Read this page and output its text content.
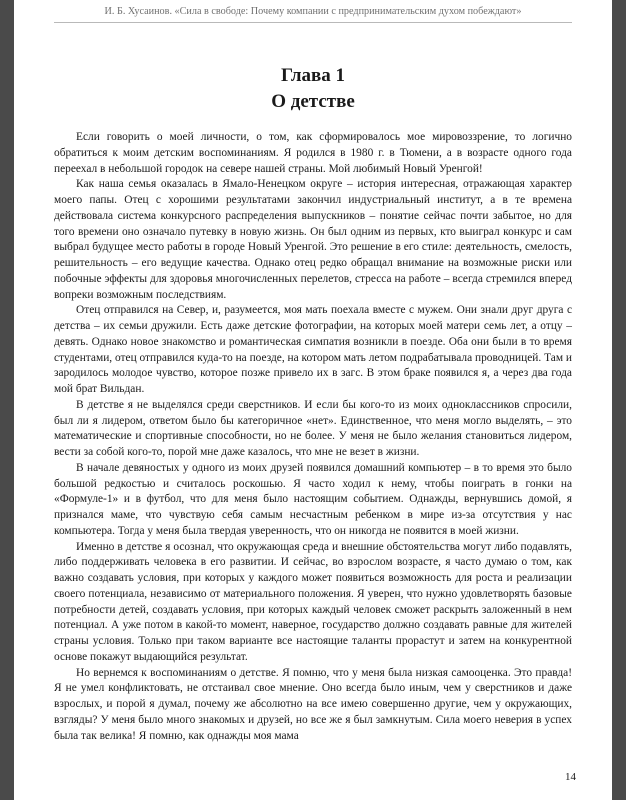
И. Б. Хусаинов. «Сила в свободе: Почему компании с предпринимательским духом побеждают»
Глава 1
О детстве

Если говорить о моей личности, о том, как сформировалось мое мировоззрение, то логично обратиться к моим детским воспоминаниям. Я родился в 1980 г. в Тюмени, а в возрасте одного года переехал в небольшой городок на севере нашей страны. Мой любимый Новый Уренгой!

Как наша семья оказалась в Ямало-Ненецком округе – история интересная, отражающая характер моего папы. Отец с хорошими результатами закончил индустриальный институт, а в те времена действовала система конкурсного распределения выпускников – понятие сейчас почти забытое, но для того времени оно означало путевку в новую жизнь. Он был одним из первых, кто выиграл конкурс и сам выбрал будущее место работы в городе Новый Уренгой. Это решение в его стиле: деятельность, смелость, решительность – его ведущие качества. Однако отец редко обращал внимание на возможные риски или побочные эффекты для здоровья многочисленных перелетов, стресса на работе – всегда стремился вперед вопреки возможным последствиям.

Отец отправился на Север, и, разумеется, моя мать поехала вместе с мужем. Они знали друг друга с детства – их семьи дружили. Есть даже детские фотографии, на которых моей матери семь лет, а отцу – девять. Однако новое знакомство и романтическая симпатия возникли в поезде. Оба они были в то время студентами, отец отправился куда-то на поезде, на котором мать летом подрабатывала проводницей. Там и зародилось молодое чувство, которое позже привело их в загс. В этом браке появился я, а через два года мой брат Вильдан.

В детстве я не выделялся среди сверстников. И если бы кого-то из моих одноклассников спросили, был ли я лидером, ответом было бы категоричное «нет». Единственное, что меня могло выделять, – это математические и спортивные способности, но не более. У меня не было желания становиться лидером, вести за собой кого-то, порой мне даже казалось, что мне не везет в жизни.

В начале девяностых у одного из моих друзей появился домашний компьютер – в то время это было большой редкостью и считалось роскошью. Я часто ходил к нему, чтобы поиграть в гонки на «Формуле-1» и в футбол, что для меня было настоящим событием. Однажды, вернувшись домой, я признался маме, что чувствую себя самым несчастным ребенком в мире из-за отсутствия у нас компьютера. Тогда у меня была твердая уверенность, что он никогда не появится в моей жизни.

Именно в детстве я осознал, что окружающая среда и внешние обстоятельства могут либо подавлять, либо поддерживать человека в его развитии. И сейчас, во взрослом возрасте, я часто думаю о том, как важно создавать условия, при которых у каждого может появиться возможность для роста и реализации своего потенциала, независимо от материального положения. Я уверен, что нужно удовлетворять базовые потребности детей, создавать условия, при которых каждый человек сможет раскрыть заложенный в нем потенциал. А уже потом в какой-то момент, наверное, государство должно создавать равные для жителей страны условия. Только при таком варианте все настоящие таланты прорастут и затем на конкурентной основе покажут выдающийся результат.

Но вернемся к воспоминаниям о детстве. Я помню, что у меня была низкая самооценка. Это правда! Я не умел конфликтовать, не отстаивал свое мнение. Оно всегда было иным, чем у сверстников и даже взрослых, и порой я думал, почему же абсолютно на все имею совершенно другие, чем у окружающих, взгляды? У меня было много знакомых и друзей, но все же я был замкнутым. Сила моего неверия в успех была так велика! Я помню, как однажды моя мама

14
